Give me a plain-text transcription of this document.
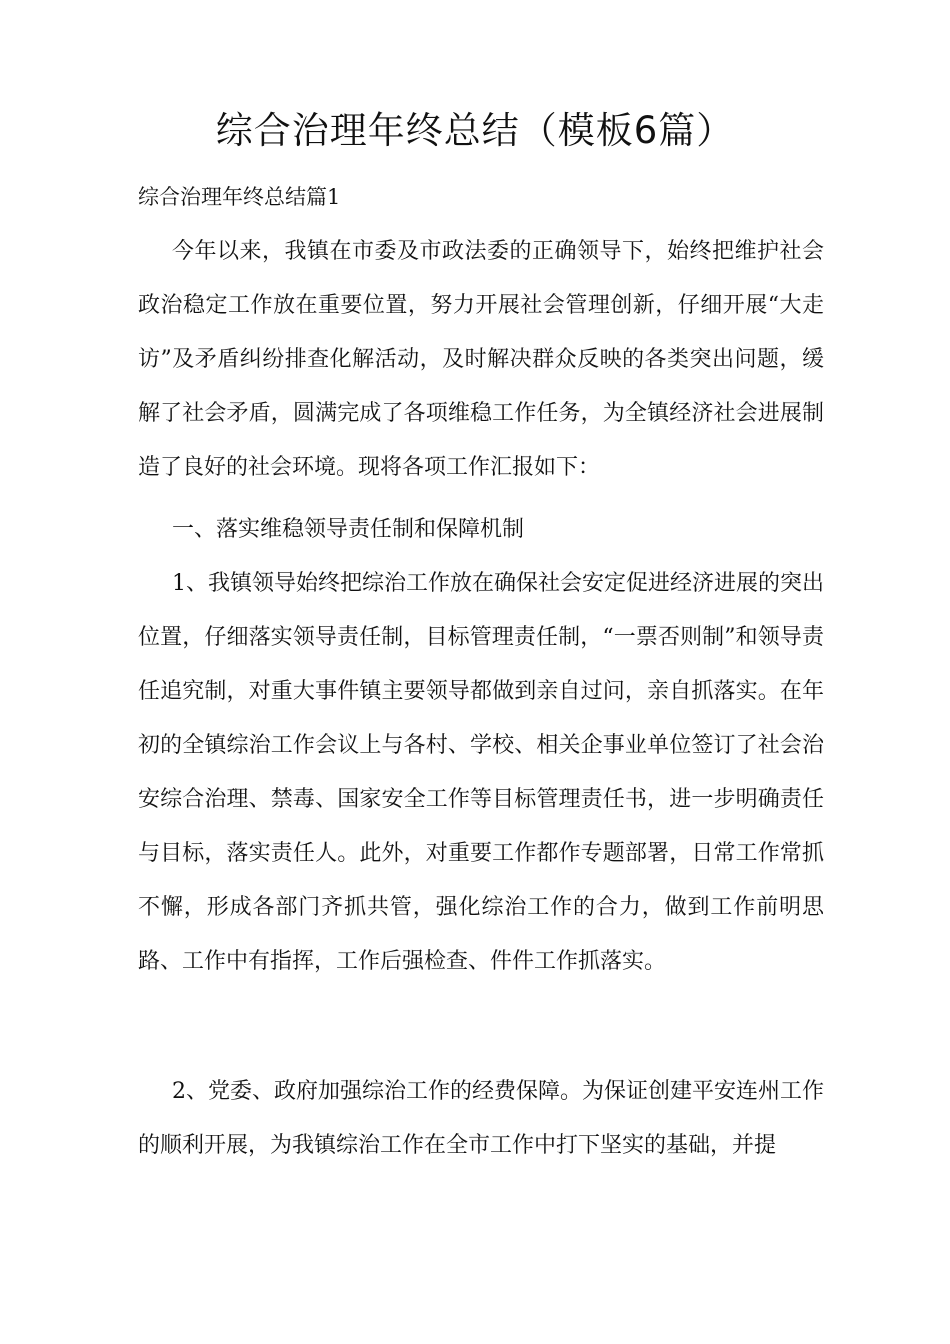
综合治理年终总结（模板6篇）
综合治理年终总结篇1
今年以来，我镇在市委及市政法委的正确领导下，始终把维护社会政治稳定工作放在重要位置，努力开展社会管理创新，仔细开展“大走访”及矛盾纠纷排查化解活动，及时解决群众反映的各类突出问题，缓解了社会矛盾，圆满完成了各项维稳工作任务，为全镇经济社会进展制造了良好的社会环境。现将各项工作汇报如下：
一、落实维稳领导责任制和保障机制
1、我镇领导始终把综治工作放在确保社会安定促进经济进展的突出位置，仔细落实领导责任制，目标管理责任制，“一票否则制”和领导责任追究制，对重大事件镇主要领导都做到亲自过问，亲自抓落实。在年初的全镇综治工作会议上与各村、学校、相关企事业单位签订了社会治安综合治理、禁毒、国家安全工作等目标管理责任书，进一步明确责任与目标，落实责任人。此外，对重要工作都作专题部署，日常工作常抓不懈，形成各部门齐抓共管，强化综治工作的合力，做到工作前明思路、工作中有指挥，工作后强检查、件件工作抓落实。
2、党委、政府加强综治工作的经费保障。为保证创建平安连州工作的顺利开展，为我镇综治工作在全市工作中打下坚实的基础，并提
